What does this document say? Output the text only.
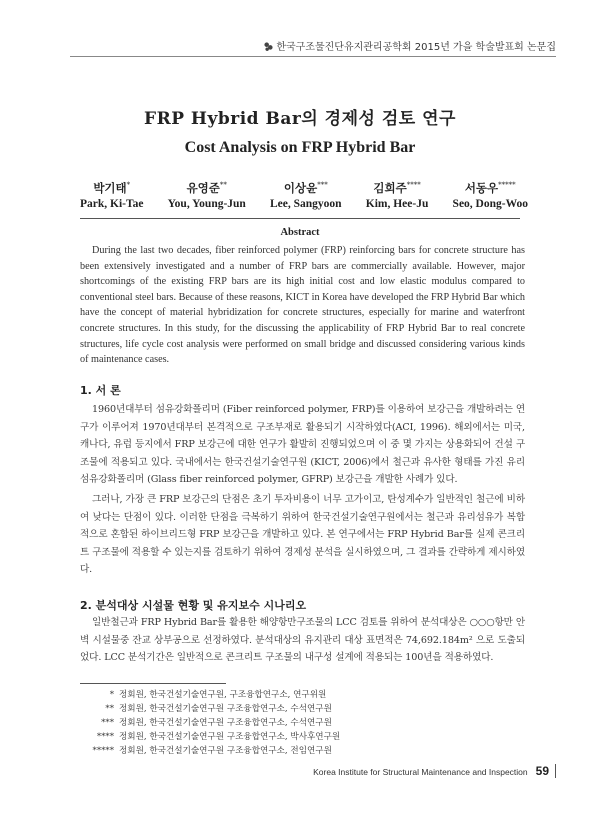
한국구조물진단유지관리공학회 2015년 가을 학술발표회 논문집
FRP Hybrid Bar의 경제성 검토 연구
Cost Analysis on FRP Hybrid Bar
박기태*
Park, Ki-Tae
유영준**
You, Young-Jun
이상윤***
Lee, Sangyoon
김희주****
Kim, Hee-Ju
서동우*****
Seo, Dong-Woo
Abstract
During the last two decades, fiber reinforced polymer (FRP) reinforcing bars for concrete structure has been extensively investigated and a number of FRP bars are commercially available. However, major shortcomings of the existing FRP bars are its high initial cost and low elastic modulus compared to conventional steel bars. Because of these reasons, KICT in Korea have developed the FRP Hybrid Bar which have the concept of material hybridization for concrete structures, especially for marine and waterfront concrete structures. In this study, for the discussing the applicability of FRP Hybrid Bar to real concrete structures, life cycle cost analysis were performed on small bridge and discussed considering various kinds of maintenance cases.
1. 서 론
1960년대부터 섬유강화폴리머 (Fiber reinforced polymer, FRP)를 이용하여 보강근을 개발하려는 연구가 이루어져 1970년대부터 본격적으로 구조부재로 활용되기 시작하였다(ACI, 1996). 해외에서는 미국, 캐나다, 유럽 등지에서 FRP 보강근에 대한 연구가 활발히 진행되었으며 이 중 몇 가지는 상용화되어 건설 구조물에 적용되고 있다. 국내에서는 한국건설기술연구원 (KICT, 2006)에서 철근과 유사한 형태를 가진 유리섬유강화폴리머 (Glass fiber reinforced polymer, GFRP) 보강근을 개발한 사례가 있다.
그러나, 가장 큰 FRP 보강근의 단점은 초기 투자비용이 너무 고가이고, 탄성계수가 일반적인 철근에 비하여 낮다는 단점이 있다. 이러한 단점을 극복하기 위하여 한국건설기술연구원에서는 철근과 유리섬유가 복합적으로 혼합된 하이브리드형 FRP 보강근을 개발하고 있다. 본 연구에서는 FRP Hybrid Bar를 실제 콘크리트 구조물에 적용할 수 있는지를 검토하기 위하여 경제성 분석을 실시하였으며, 그 결과를 간략하게 제시하였다.
2. 분석대상 시설물 현황 및 유지보수 시나리오
일반철근과 FRP Hybrid Bar를 활용한 해양항만구조물의 LCC 검토를 위하여 분석대상은 ○○○항만 안벽 시설물중 잔교 상부공으로 선정하였다. 분석대상의 유지관리 대상 표면적은 74,692.184m² 으로 도출되었다. LCC 분석기간은 일반적으로 콘크리트 구조물의 내구성 설계에 적용되는 100년을 적용하였다.
* 정회원, 한국건설기술연구원, 구조융합연구소, 연구위원
** 정회원, 한국건설기술연구원 구조융합연구소, 수석연구원
*** 정회원, 한국건설기술연구원 구조융합연구소, 수석연구원
**** 정회원, 한국건설기술연구원 구조융합연구소, 박사후연구원
***** 정회원, 한국건설기술연구원 구조융합연구소, 전임연구원
Korea Institute for Structural Maintenance and Inspection 59
